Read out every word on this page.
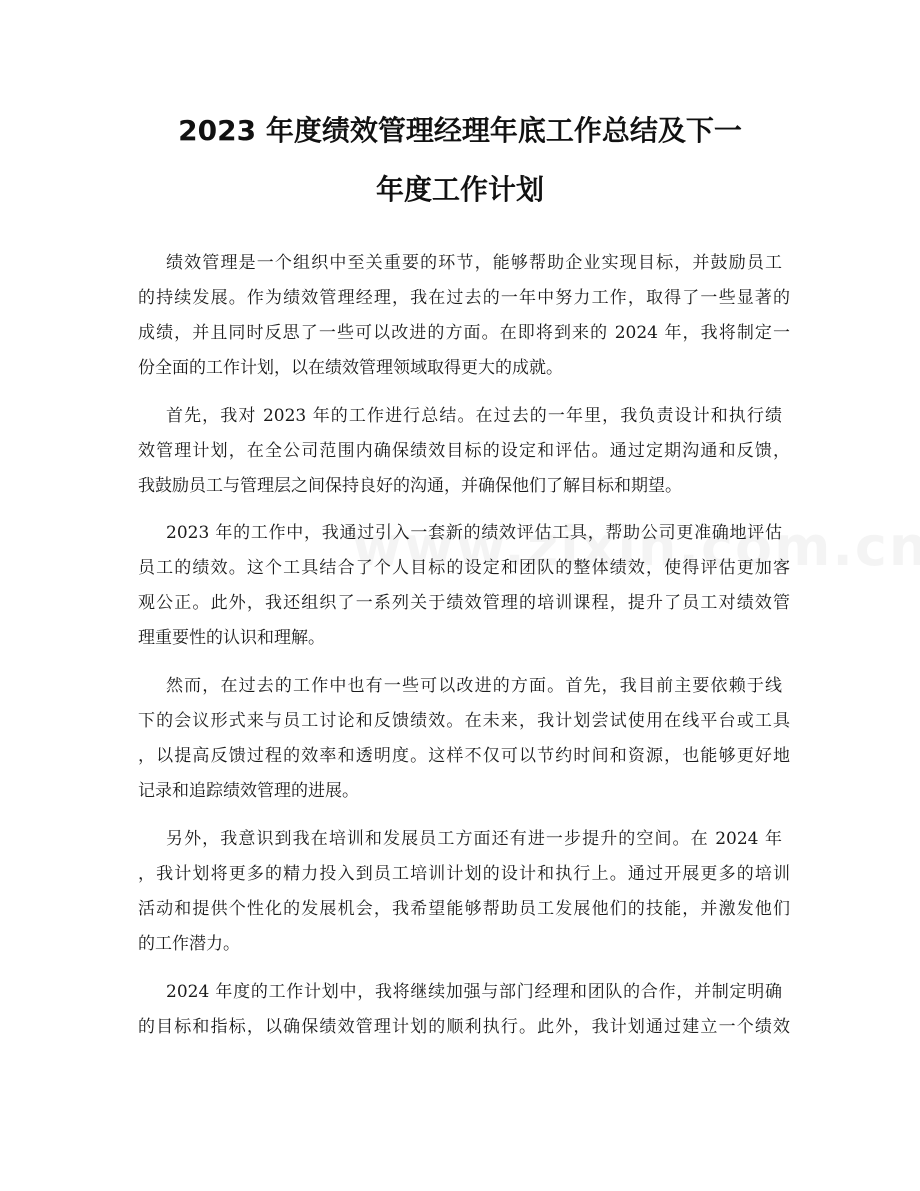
2023 年度绩效管理经理年底工作总结及下一
年度工作计划
绩效管理是一个组织中至关重要的环节，能够帮助企业实现目标，并鼓励员工
的持续发展。作为绩效管理经理，我在过去的一年中努力工作，取得了一些显著的
成绩，并且同时反思了一些可以改进的方面。在即将到来的 2024 年，我将制定一
份全面的工作计划，以在绩效管理领域取得更大的成就。
首先，我对 2023 年的工作进行总结。在过去的一年里，我负责设计和执行绩
效管理计划，在全公司范围内确保绩效目标的设定和评估。通过定期沟通和反馈，
我鼓励员工与管理层之间保持良好的沟通，并确保他们了解目标和期望。
2023 年的工作中，我通过引入一套新的绩效评估工具，帮助公司更准确地评估
员工的绩效。这个工具结合了个人目标的设定和团队的整体绩效，使得评估更加客
观公正。此外，我还组织了一系列关于绩效管理的培训课程，提升了员工对绩效管
理重要性的认识和理解。
然而，在过去的工作中也有一些可以改进的方面。首先，我目前主要依赖于线
下的会议形式来与员工讨论和反馈绩效。在未来，我计划尝试使用在线平台或工具
，以提高反馈过程的效率和透明度。这样不仅可以节约时间和资源，也能够更好地
记录和追踪绩效管理的进展。
另外，我意识到我在培训和发展员工方面还有进一步提升的空间。在 2024 年
，我计划将更多的精力投入到员工培训计划的设计和执行上。通过开展更多的培训
活动和提供个性化的发展机会，我希望能够帮助员工发展他们的技能，并激发他们
的工作潜力。
2024 年度的工作计划中，我将继续加强与部门经理和团队的合作，并制定明确
的目标和指标，以确保绩效管理计划的顺利执行。此外，我计划通过建立一个绩效
